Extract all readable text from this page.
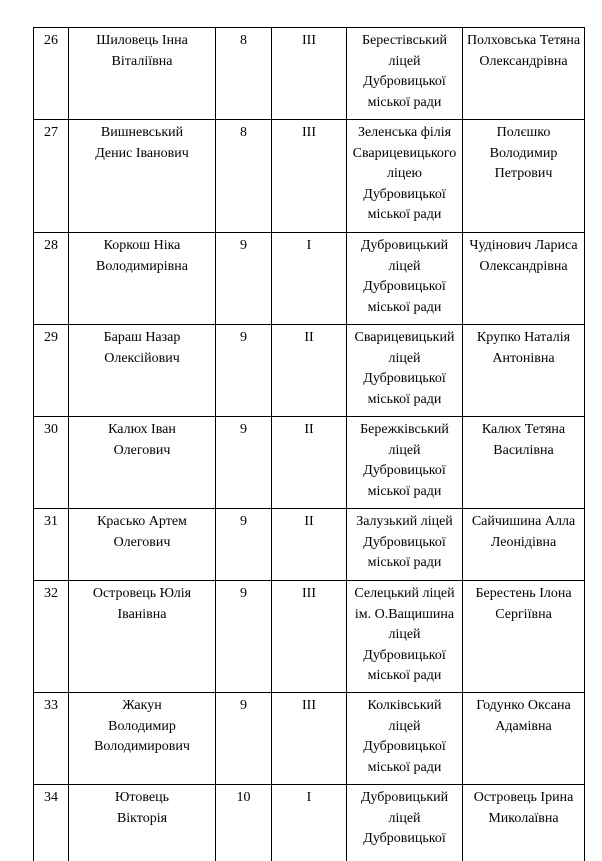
26	Шиловець Інна
Віталіївна	8	ІІІ	Берестівський
ліцей
Дубровицької
міської ради	Полховська Тетяна
Олександрівна

27	Вишневський
Денис Іванович	8	ІІІ	Зеленська філія
Сварицевицького
ліцею
Дубровицької
міської ради	Полєшко
Володимир
Петрович

28	Коркош Ніка
Володимирівна	9	І	Дубровицький
ліцей
Дубровицької
міської ради	Чудінович Лариса
Олександрівна

29	Бараш Назар
Олексійович	9	ІІ	Сварицевицький
ліцей
Дубровицької
міської ради	Крупко Наталія
Антонівна

30	Калюх Іван
Олегович	9	ІІ	Бережківський
ліцей
Дубровицької
міської ради	Калюх Тетяна
Василівна

31	Красько Артем
Олегович	9	ІІ	Залузький ліцей
Дубровицької
міської ради	Сайчишина Алла
Леонідівна

32	Островець Юлія
Іванівна	9	ІІІ	Селецький ліцей
ім. О.Ващишина
ліцей
Дубровицької
міської ради	Берестень Ілона
Сергіївна

33	Жакун
Володимир
Володимирович	9	ІІІ	Колківський
ліцей
Дубровицької
міської ради	Годунко Оксана
Адамівна

34	Ютовець
Вікторія	10	І	Дубровицький
ліцей
Дубровицької	Островець Ірина
Миколаївна
